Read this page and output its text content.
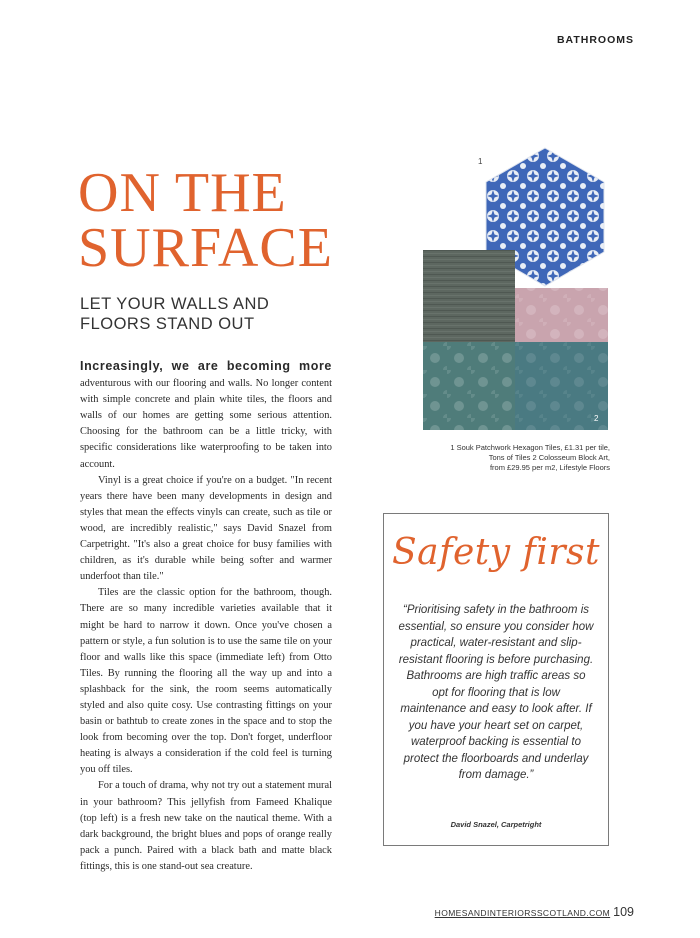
BATHROOMS
ON THE SURFACE
LET YOUR WALLS AND FLOORS STAND OUT

Increasingly, we are becoming more adventurous with our flooring and walls. No longer content with simple concrete and plain white tiles, the floors and walls of our homes are getting some serious attention. Choosing for the bathroom can be a little tricky, with specific considerations like waterproofing to be taken into account.

Vinyl is a great choice if you're on a budget. "In recent years there have been many developments in design and styles that mean the effects vinyls can create, such as tile or wood, are incredibly realistic," says David Snazel from Carpetright. "It's also a great choice for busy families with children, as it's durable while being softer and warmer underfoot than tile."

Tiles are the classic option for the bathroom, though. There are so many incredible varieties available that it might be hard to narrow it down. Once you've chosen a pattern or style, a fun solution is to use the same tile on your floor and walls like this space (immediate left) from Otto Tiles. By running the flooring all the way up and into a splashback for the sink, the room seems automatically styled and also quite cosy. Use contrasting fittings on your basin or bathtub to create zones in the space and to stop the look from becoming over the top. Don't forget, underfloor heating is always a consideration if the cold feel is turning you off tiles.

For a touch of drama, why not try out a statement mural in your bathroom? This jellyfish from Fameed Khalique (top left) is a fresh new take on the nautical theme. With a dark background, the bright blues and pops of orange really pack a punch. Paired with a black bath and matte black fittings, this is one stand-out sea creature.

1
2
1 Souk Patchwork Hexagon Tiles, £1.31 per tile,
Tons of Tiles 2 Colosseum Block Art,
from £29.95 per m2, Lifestyle Floors
Safety first
“Prioritising safety in the bathroom is essential, so ensure you consider how practical, water-resistant and slip-resistant flooring is before purchasing. Bathrooms are high traffic areas so opt for flooring that is low maintenance and easy to look after. If you have your heart set on carpet, waterproof backing is essential to protect the floorboards and underlay from damage.”
David Snazel, Carpetright
HOMESANDINTERIORSSCOTLAND.COM 109
